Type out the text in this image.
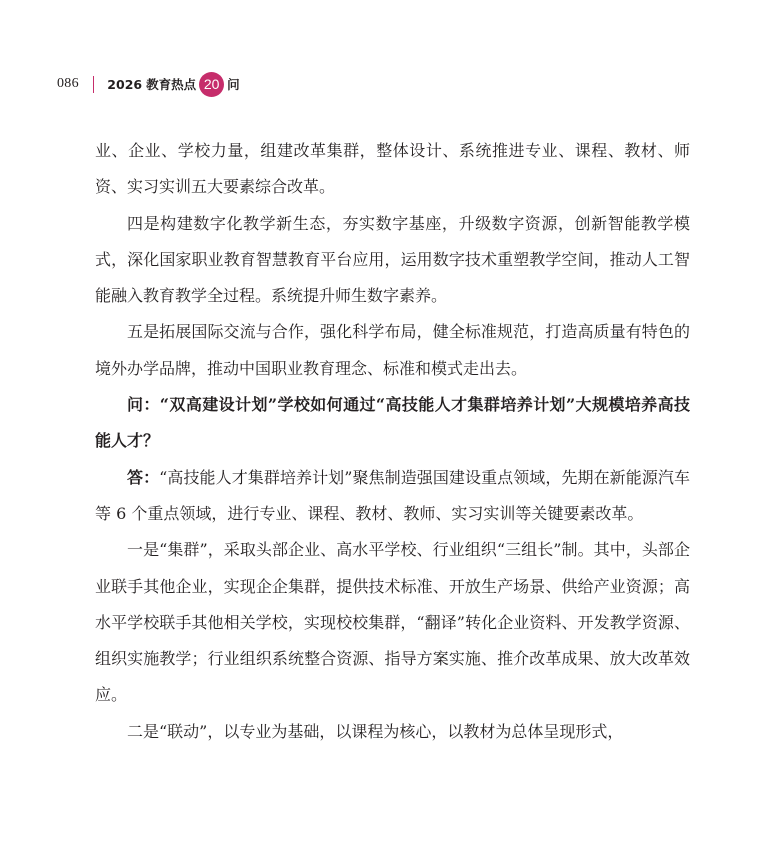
086 2026 教育热点 20 问

业、企业、学校力量，组建改革集群，整体设计、系统推进专业、课程、教材、师资、实习实训五大要素综合改革。

四是构建数字化教学新生态，夯实数字基座，升级数字资源，创新智能教学模式，深化国家职业教育智慧教育平台应用，运用数字技术重塑教学空间，推动人工智能融入教育教学全过程。系统提升师生数字素养。

五是拓展国际交流与合作，强化科学布局，健全标准规范，打造高质量有特色的境外办学品牌，推动中国职业教育理念、标准和模式走出去。

问：“双高建设计划”学校如何通过“高技能人才集群培养计划”大规模培养高技能人才？

答：“高技能人才集群培养计划”聚焦制造强国建设重点领域，先期在新能源汽车等 6 个重点领域，进行专业、课程、教材、教师、实习实训等关键要素改革。

一是“集群”，采取头部企业、高水平学校、行业组织“三组长”制。其中，头部企业联手其他企业，实现企企集群，提供技术标准、开放生产场景、供给产业资源；高水平学校联手其他相关学校，实现校校集群，“翻译”转化企业资料、开发教学资源、组织实施教学；行业组织系统整合资源、指导方案实施、推介改革成果、放大改革效应。

二是“联动”，以专业为基础，以课程为核心，以教材为总体呈现形式，
